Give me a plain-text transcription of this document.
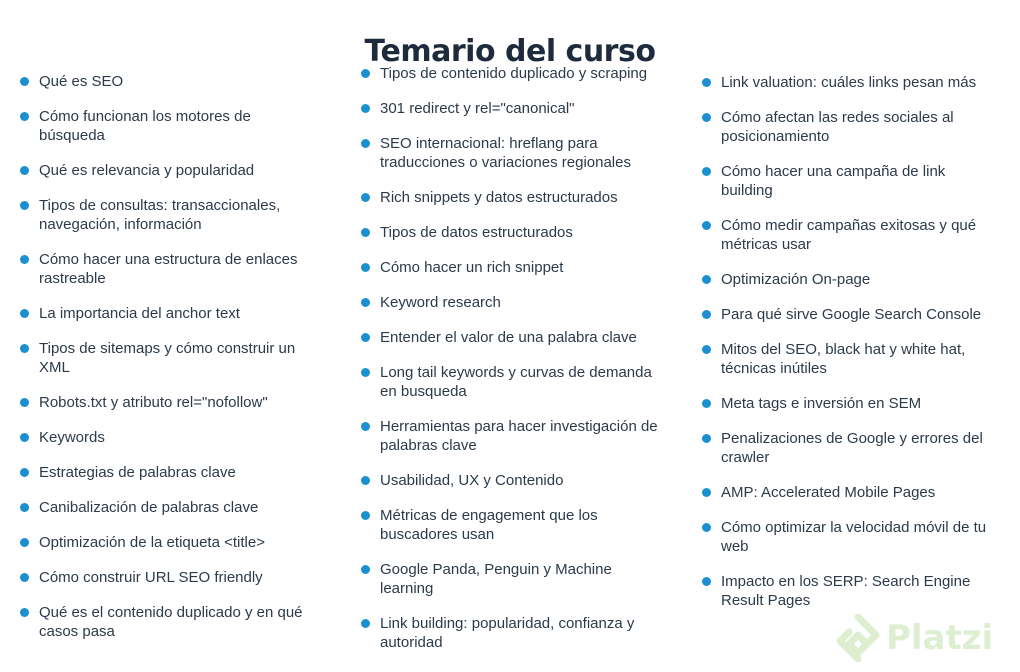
Temario del curso
Qué es SEO
Cómo funcionan los motores de búsqueda
Qué es relevancia y popularidad
Tipos de consultas: transaccionales, navegación, información
Cómo hacer una estructura de enlaces rastreable
La importancia del anchor text
Tipos de sitemaps y cómo construir un XML
Robots.txt y atributo rel="nofollow"
Keywords
Estrategias de palabras clave
Canibalización de palabras clave
Optimización de la etiqueta <title>
Cómo construir URL SEO friendly
Qué es el contenido duplicado y en qué casos pasa
Tipos de contenido duplicado y scraping
301 redirect y rel="canonical"
SEO internacional: hreflang para traducciones o variaciones regionales
Rich snippets y datos estructurados
Tipos de datos estructurados
Cómo hacer un rich snippet
Keyword research
Entender el valor de una palabra clave
Long tail keywords y curvas de demanda en busqueda
Herramientas para hacer investigación de palabras clave
Usabilidad, UX y Contenido
Métricas de engagement que los buscadores usan
Google Panda, Penguin y Machine learning
Link building: popularidad, confianza y autoridad
Link valuation: cuáles links pesan más
Cómo afectan las redes sociales al posicionamiento
Cómo hacer una campaña de link building
Cómo medir campañas exitosas y qué métricas usar
Optimización On-page
Para qué sirve Google Search Console
Mitos del SEO, black hat y white hat, técnicas inútiles
Meta tags e inversión en SEM
Penalizaciones de Google y errores del crawler
AMP: Accelerated Mobile Pages
Cómo optimizar la velocidad móvil de tu web
Impacto en los SERP: Search Engine Result Pages
Platzi
